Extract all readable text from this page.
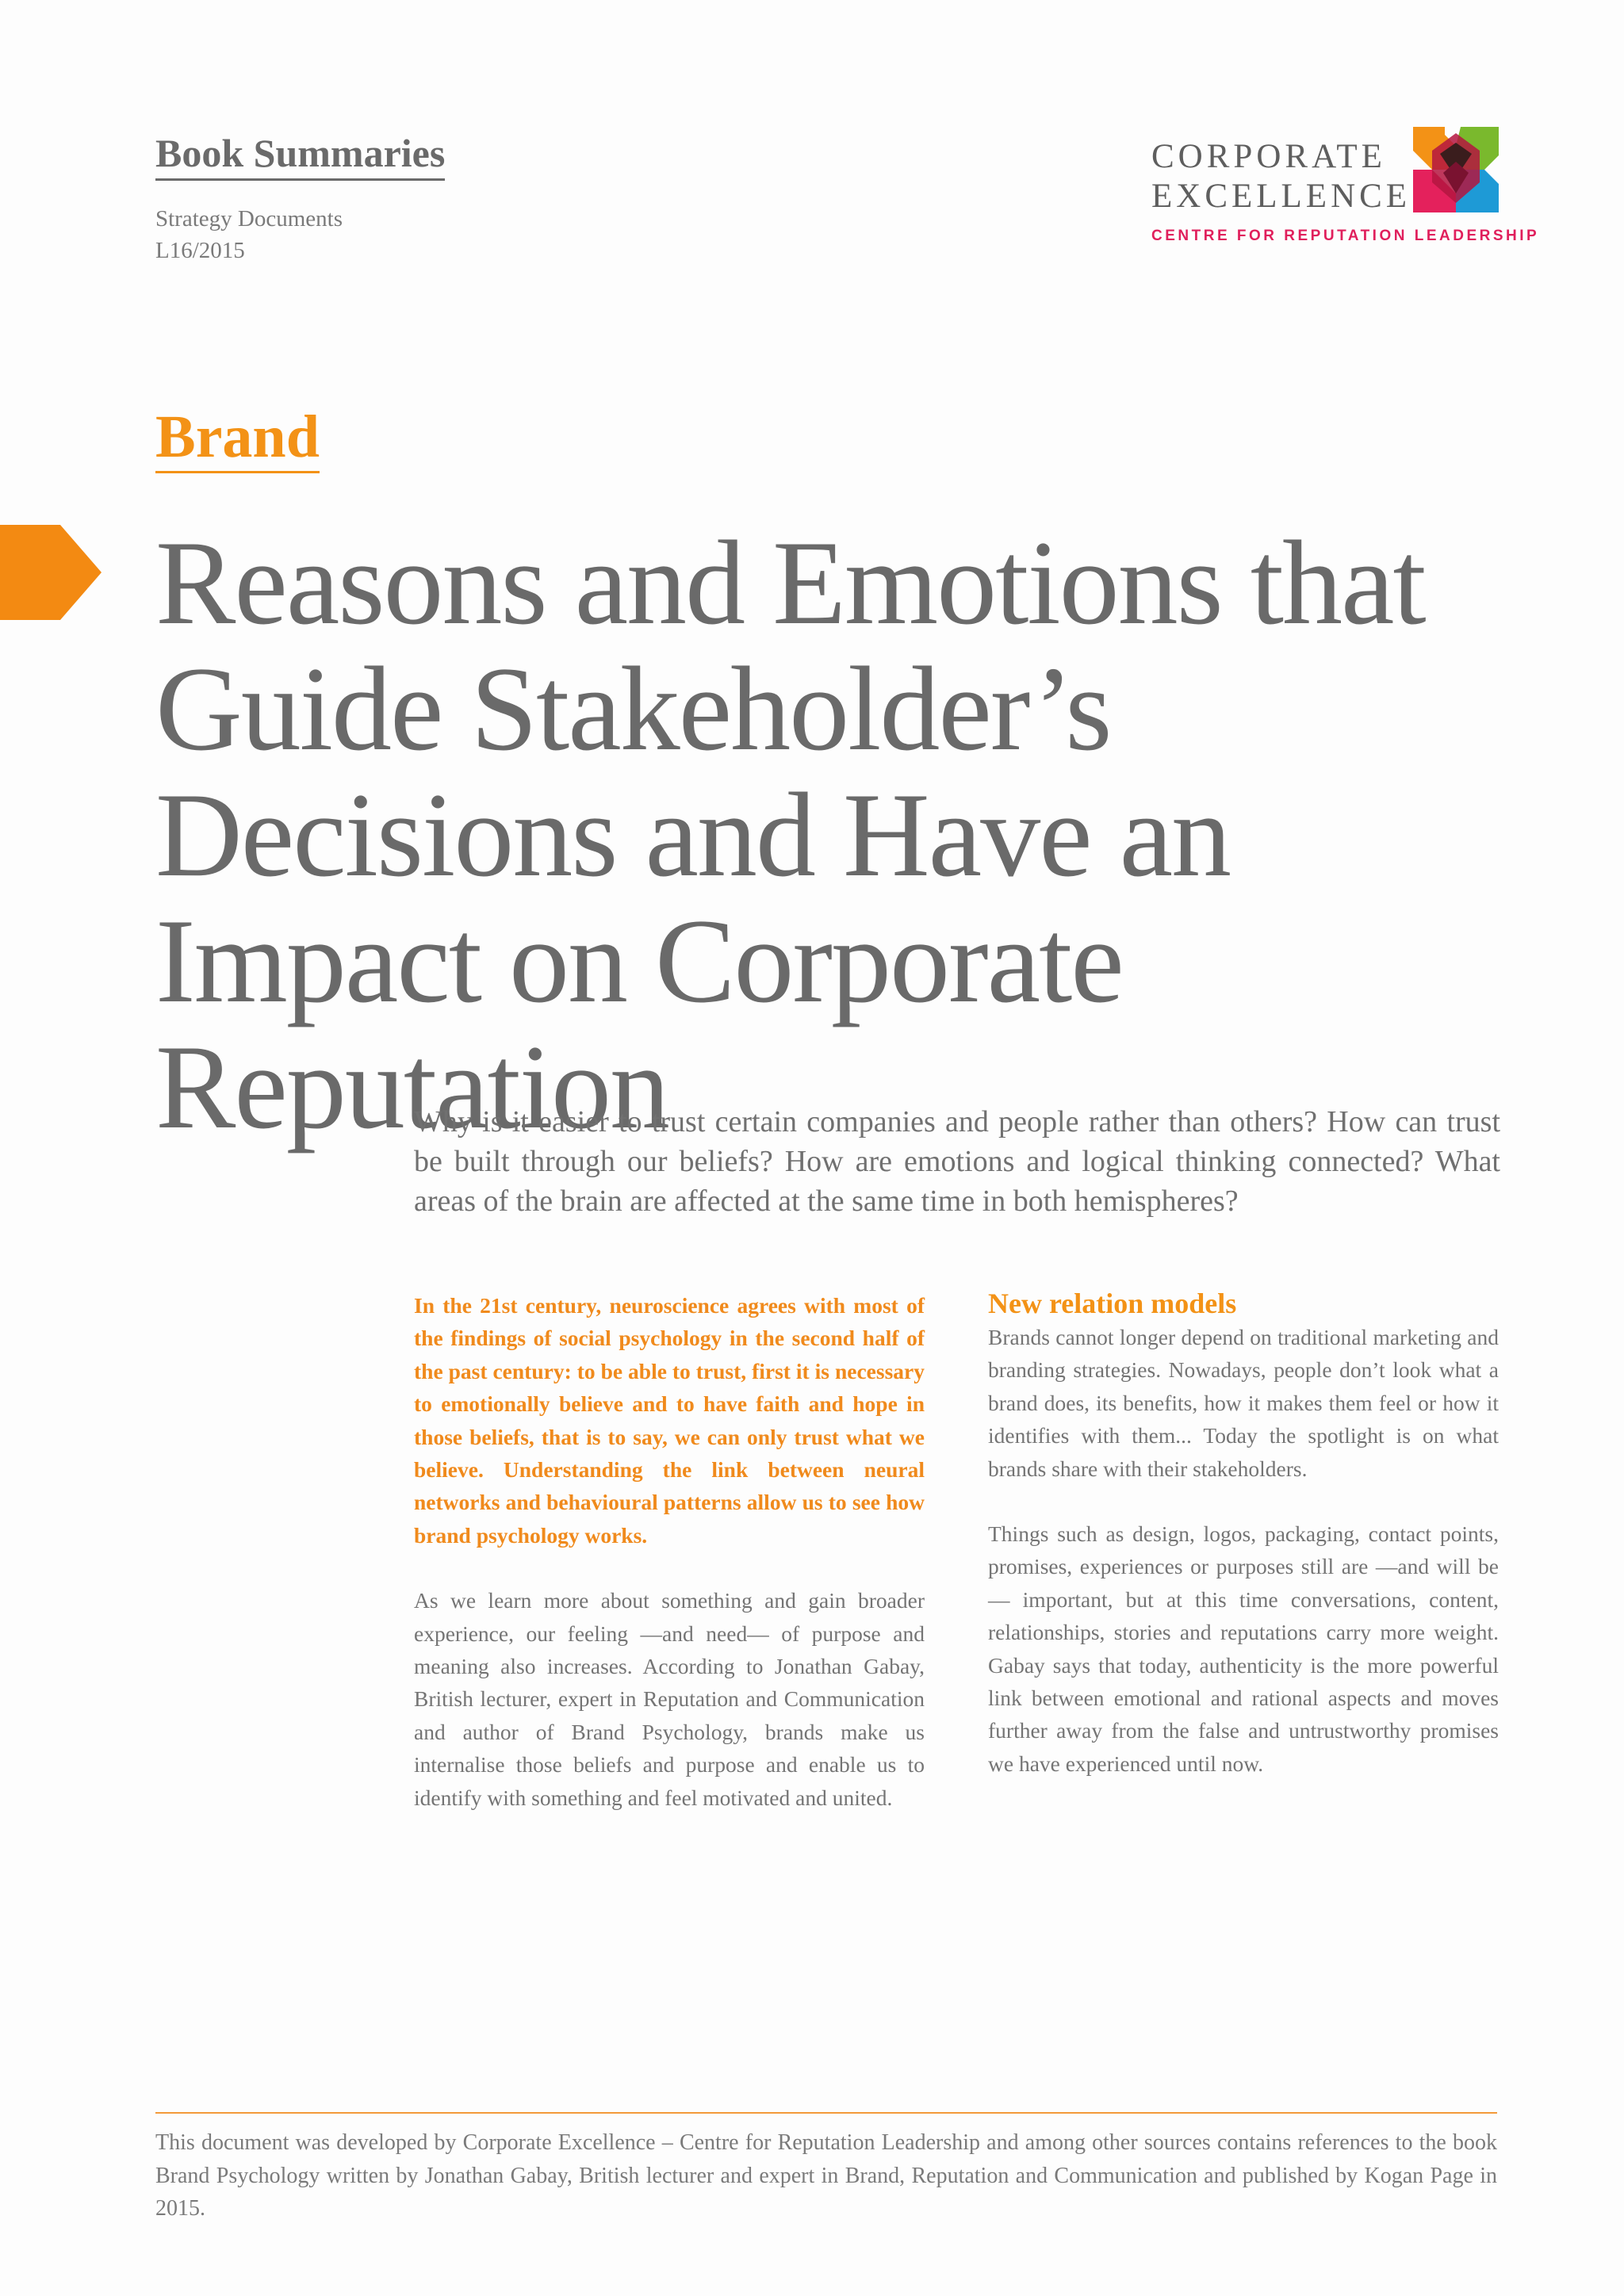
Book Summaries
Strategy Documents
L16/2015
CORPORATE
EXCELLENCE
CENTRE FOR REPUTATION LEADERSHIP
Brand
Reasons and Emotions that Guide Stakeholder’s Decisions and Have an Impact on Corporate Reputation

Why is it easier to trust certain companies and people rather than others? How can trust be built through our beliefs? How are emotions and logical thinking connected? What areas of the brain are affected at the same time in both hemispheres?

In the 21st century, neuroscience agrees with most of the findings of social psychology in the second half of the past century: to be able to trust, first it is necessary to emotionally believe and to have faith and hope in those beliefs, that is to say, we can only trust what we believe. Understanding the link between neural networks and behavioural patterns allow us to see how brand psychology works.

As we learn more about something and gain broader experience, our feeling —and need— of purpose and meaning also increases. According to Jonathan Gabay, British lecturer, expert in Reputation and Communication and author of Brand Psychology, brands make us internalise those beliefs and purpose and enable us to identify with something and feel motivated and united.

New relation models

Brands cannot longer depend on traditional marketing and branding strategies. Nowadays, people don’t look what a brand does, its benefits, how it makes them feel or how it identifies with them... Today the spotlight is on what brands share with their stakeholders.

Things such as design, logos, packaging, contact points, promises, experiences or purposes still are —and will be— important, but at this time conversations, content, relationships, stories and reputations carry more weight. Gabay says that today, authenticity is the more powerful link between emotional and rational aspects and moves further away from the false and untrustworthy promises we have experienced until now.

This document was developed by Corporate Excellence – Centre for Reputation Leadership and among other sources contains references to the book Brand Psychology written by Jonathan Gabay, British lecturer and expert in Brand, Reputation and Communication and published by Kogan Page in 2015.
